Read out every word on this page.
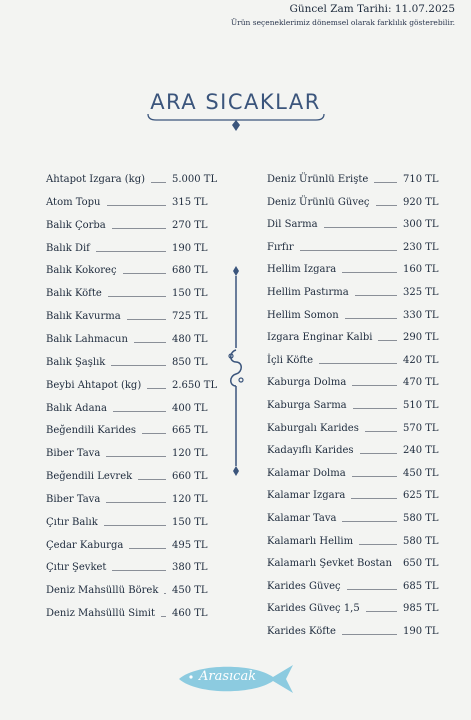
Güncel Zam Tarihi: 11.07.2025
Ürün seçeneklerimiz dönemsel olarak farklılık gösterebilir.
ARA SICAKLAR
Ahtapot Izgara (kg)	5.000 TL
Atom Topu	315 TL
Balık Çorba	270 TL
Balık Dif	190 TL
Balık Kokoreç	680 TL
Balık Köfte	150 TL
Balık Kavurma	725 TL
Balık Lahmacun	480 TL
Balık Şaşlık	850 TL
Beybi Ahtapot (kg)	2.650 TL
Balık Adana	400 TL
Beğendili Karides	665 TL
Biber Tava	120 TL
Beğendili Levrek	660 TL
Biber Tava	120 TL
Çıtır Balık	150 TL
Çedar Kaburga	495 TL
Çıtır Şevket	380 TL
Deniz Mahsüllü Börek 450 TL
Deniz Mahsüllü Simit 460 TL
Deniz Ürünlü Erişte	710 TL
Deniz Ürünlü Güveç	920 TL
Dil Sarma	300 TL
Fırfır	230 TL
Hellim Izgara	160 TL
Hellim Pastırma	325 TL
Hellim Somon	330 TL
Izgara Enginar Kalbi	290 TL
İçli Köfte	420 TL
Kaburga Dolma	470 TL
Kaburga Sarma	510 TL
Kaburgalı Karides	570 TL
Kadayıflı Karides	240 TL
Kalamar Dolma	450 TL
Kalamar Izgara	625 TL
Kalamar Tava	580 TL
Kalamarlı Hellim	580 TL
Kalamarlı Şevket Bostan 650 TL
Karides Güveç	685 TL
Karides Güveç 1,5	985 TL
Karides Köfte	190 TL
Arasıcak
